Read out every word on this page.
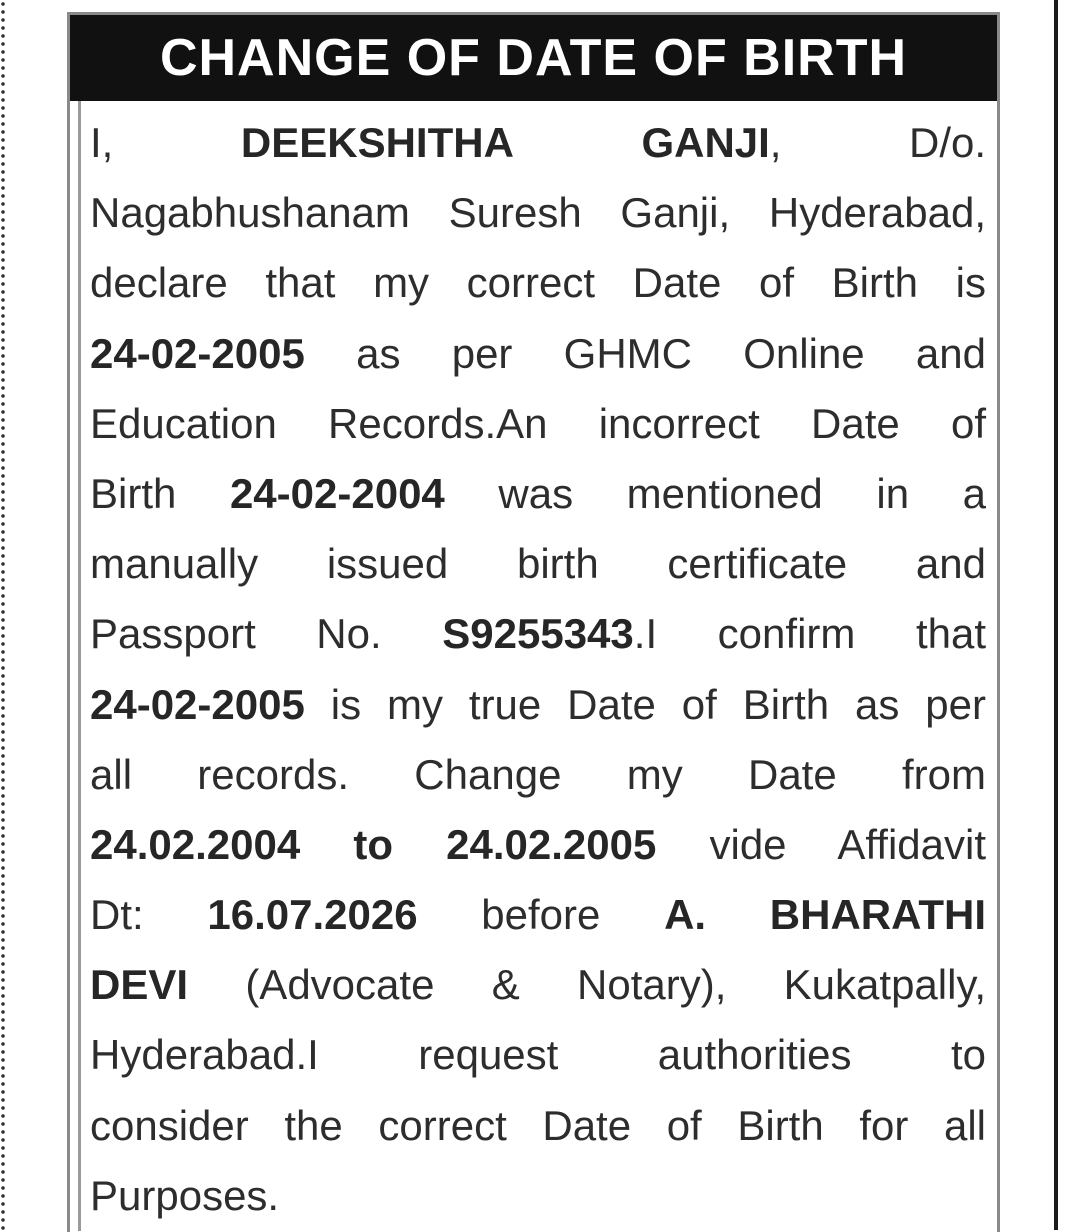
CHANGE OF DATE OF BIRTH
I,	DEEKSHITHA	GANJI,	D/o.
Nagabhushanam Suresh Ganji, Hyderabad,
declare that my correct Date of Birth is
24-02-2005 as per GHMC Online and
Education Records.An incorrect Date of
Birth 24-02-2004 was mentioned in a
manually issued birth certificate and
Passport No. S9255343.I confirm that
24-02-2005 is my true Date of Birth as per
all records. Change my Date from
24.02.2004 to 24.02.2005 vide Affidavit
Dt: 16.07.2026 before A. BHARATHI
DEVI (Advocate & Notary), Kukatpally,
Hyderabad.I request authorities to
consider the correct Date of Birth for all
Purposes.
